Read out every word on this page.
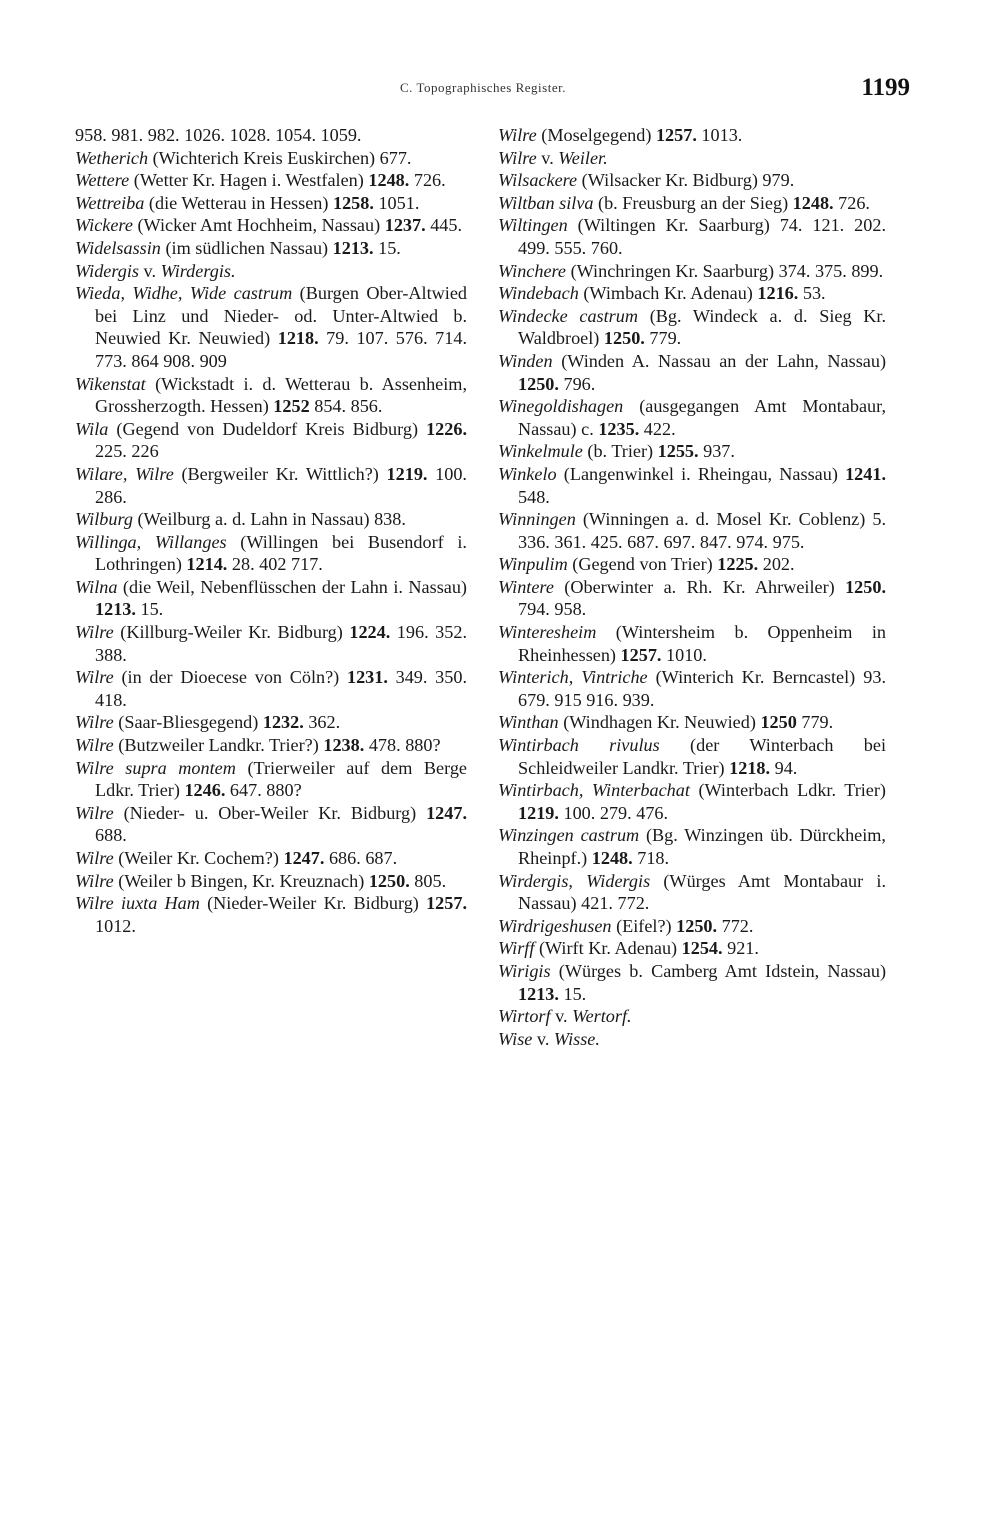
C. Topographisches Register.	1199

958. 981. 982. 1026. 1028. 1054. 1059.

Wetherich (Wichterich Kreis Euskirchen) 677.

Wettere (Wetter Kr. Hagen i. Westfalen) 1248. 726.

Wettreiba (die Wetterau in Hessen) 1258. 1051.

Wickere (Wicker Amt Hochheim, Nassau) 1237. 445.

Widelsassin (im südlichen Nassau) 1213. 15.

Widergis v. Wirdergis.

Wieda, Widhe, Wide castrum (Burgen Ober-Altwied bei Linz und Nieder- od. Unter-Altwied b. Neuwied Kr. Neuwied) 1218. 79. 107. 576. 714. 773. 864 908. 909

Wikenstat (Wickstadt i. d. Wetterau b. Assenheim, Grossherzogth. Hessen) 1252 854. 856.

Wila (Gegend von Dudeldorf Kreis Bidburg) 1226. 225. 226

Wilare, Wilre (Bergweiler Kr. Wittlich?) 1219. 100. 286.

Wilburg (Weilburg a. d. Lahn in Nassau) 838.

Willinga, Willanges (Willingen bei Busendorf i. Lothringen) 1214. 28. 402 717.

Wilna (die Weil, Nebenflüsschen der Lahn i. Nassau) 1213. 15.

Wilre (Killburg-Weiler Kr. Bidburg) 1224. 196. 352. 388.

Wilre (in der Dioecese von Cöln?) 1231. 349. 350. 418.

Wilre (Saar-Bliesgegend) 1232. 362.

Wilre (Butzweiler Landkr. Trier?) 1238. 478. 880?

Wilre supra montem (Trierweiler auf dem Berge Ldkr. Trier) 1246. 647. 880?

Wilre (Nieder- u. Ober-Weiler Kr. Bidburg) 1247. 688.

Wilre (Weiler Kr. Cochem?) 1247. 686. 687.

Wilre (Weiler b Bingen, Kr. Kreuznach) 1250. 805.

Wilre iuxta Ham (Nieder-Weiler Kr. Bidburg) 1257. 1012.

Wilre (Moselgegend) 1257. 1013.

Wilre v. Weiler.

Wilsackere (Wilsacker Kr. Bidburg) 979.

Wiltban silva (b. Freusburg an der Sieg) 1248. 726.

Wiltingen (Wiltingen Kr. Saarburg) 74. 121. 202. 499. 555. 760.

Winchere (Winchringen Kr. Saarburg) 374. 375. 899.

Windebach (Wimbach Kr. Adenau) 1216. 53.

Windecke castrum (Bg. Windeck a. d. Sieg Kr. Waldbroel) 1250. 779.

Winden (Winden A. Nassau an der Lahn, Nassau) 1250. 796.

Winegoldishagen (ausgegangen Amt Montabaur, Nassau) c. 1235. 422.

Winkelmule (b. Trier) 1255. 937.

Winkelo (Langenwinkel i. Rheingau, Nassau) 1241. 548.

Winningen (Winningen a. d. Mosel Kr. Coblenz) 5. 336. 361. 425. 687. 697. 847. 974. 975.

Winpulim (Gegend von Trier) 1225. 202.

Wintere (Oberwinter a. Rh. Kr. Ahrweiler) 1250. 794. 958.

Winteresheim (Wintersheim b. Oppenheim in Rheinhessen) 1257. 1010.

Winterich, Vintriche (Winterich Kr. Berncastel) 93. 679. 915 916. 939.

Winthan (Windhagen Kr. Neuwied) 1250 779.

Wintirbach rivulus (der Winterbach bei Schleidweiler Landkr. Trier) 1218. 94.

Wintirbach, Winterbachat (Winterbach Ldkr. Trier) 1219. 100. 279. 476.

Winzingen castrum (Bg. Winzingen üb. Dürckheim, Rheinpf.) 1248. 718.

Wirdergis, Widergis (Würges Amt Montabaur i. Nassau) 421. 772.

Wirdrigeshusen (Eifel?) 1250. 772.

Wirff (Wirft Kr. Adenau) 1254. 921.

Wirigis (Würges b. Camberg Amt Idstein, Nassau) 1213. 15.

Wirtorf v. Wertorf.

Wise v. Wisse.
